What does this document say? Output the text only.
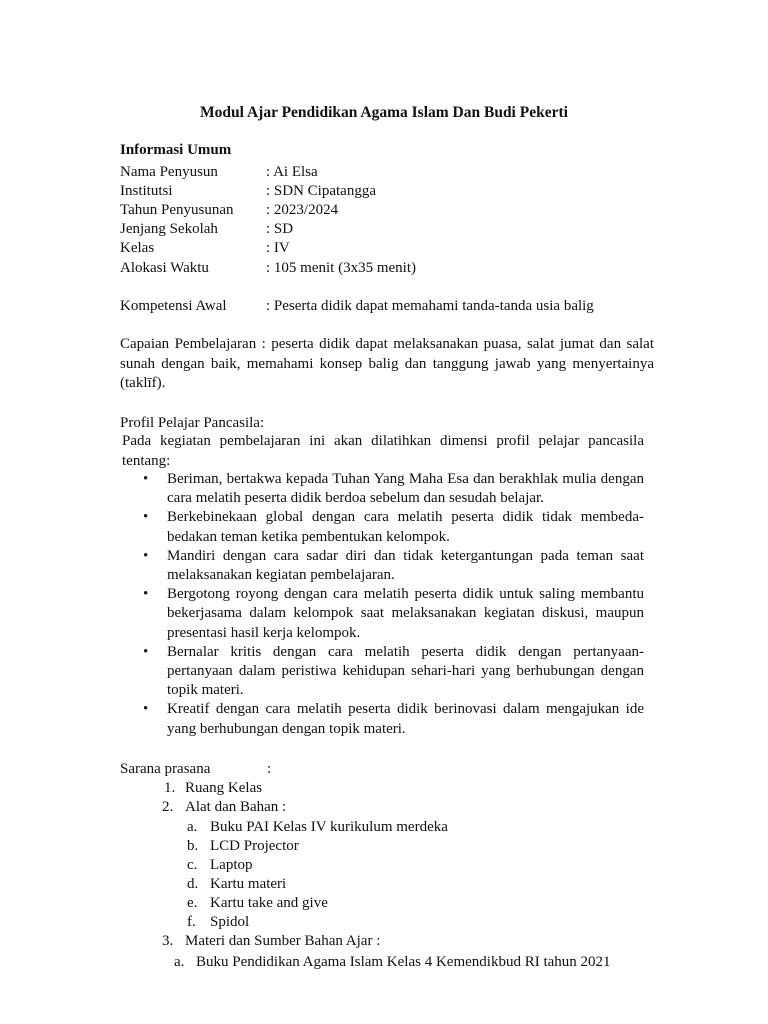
Modul Ajar Pendidikan Agama Islam Dan Budi Pekerti
Informasi Umum
Nama Penyusun	: Ai Elsa
Institutsi	: SDN Cipatangga
Tahun Penyusunan : 2023/2024
Jenjang Sekolah	: SD
Kelas	: IV
Alokasi Waktu	: 105 menit (3x35 menit)
Kompetensi Awal	: Peserta didik dapat memahami tanda-tanda usia balig
Capaian Pembelajaran : peserta didik dapat melaksanakan puasa, salat jumat dan salat sunah dengan baik, memahami konsep balig dan tanggung jawab yang menyertainya (taklīf).
Profil Pelajar Pancasila:
Pada kegiatan pembelajaran ini akan dilatihkan dimensi profil pelajar pancasila tentang:
• Beriman, bertakwa kepada Tuhan Yang Maha Esa dan berakhlak mulia dengan cara melatih peserta didik berdoa sebelum dan sesudah belajar.
• Berkebinekaan global dengan cara melatih peserta didik tidak membeda-bedakan teman ketika pembentukan kelompok.
• Mandiri dengan cara sadar diri dan tidak ketergantungan pada teman saat melaksanakan kegiatan pembelajaran.
• Bergotong royong dengan cara melatih peserta didik untuk saling membantu bekerjasama dalam kelompok saat melaksanakan kegiatan diskusi, maupun presentasi hasil kerja kelompok.
• Bernalar kritis dengan cara melatih peserta didik dengan pertanyaan-pertanyaan dalam peristiwa kehidupan sehari-hari yang berhubungan dengan topik materi.
• Kreatif dengan cara melatih peserta didik berinovasi dalam mengajukan ide yang berhubungan dengan topik materi.
Sarana prasana	:
1. Ruang Kelas
2. Alat dan Bahan :
a. Buku PAI Kelas IV kurikulum merdeka
b. LCD Projector
c. Laptop
d. Kartu materi
e. Kartu take and give
f. Spidol
3. Materi dan Sumber Bahan Ajar :
a. Buku Pendidikan Agama Islam Kelas 4 Kemendikbud RI tahun 2021
